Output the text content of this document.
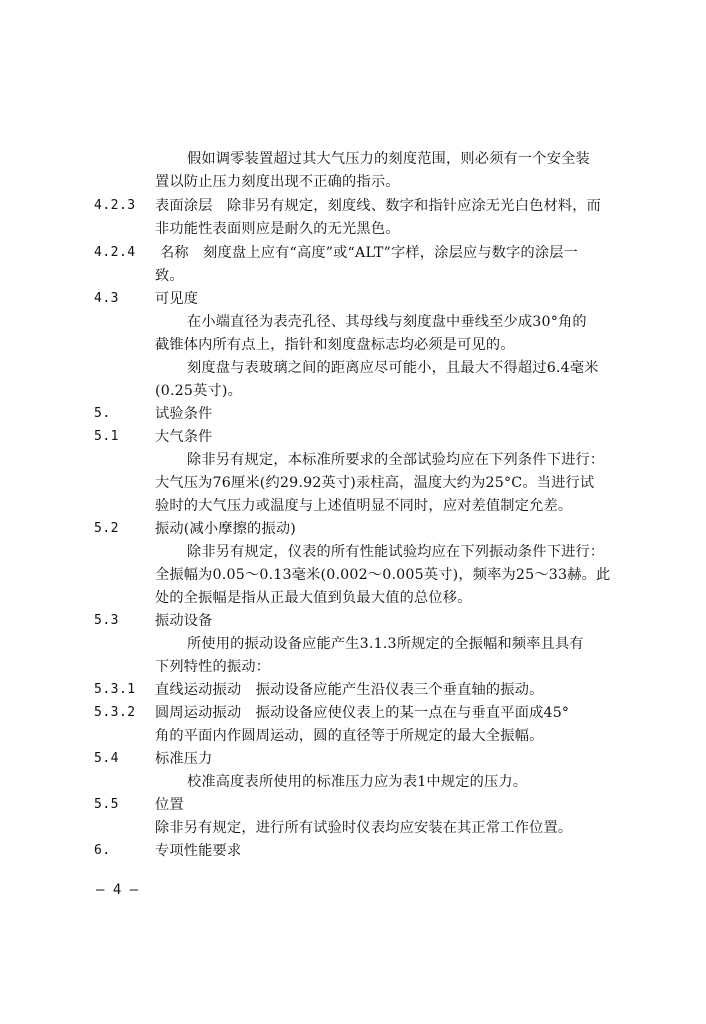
假如调零装置超过其大气压力的刻度范围，则必须有一个安全装
置以防止压力刻度出现不正确的指示。
4.2.3 表面涂层　除非另有规定，刻度线、数字和指针应涂无光白色材料，而
非功能性表面则应是耐久的无光黑色。
4.2.4 名称　刻度盘上应有“高度”或“ALT”字样，涂层应与数字的涂层一
致。
4.3	可见度
在小端直径为表壳孔径、其母线与刻度盘中垂线至少成30°角的
截锥体内所有点上，指针和刻度盘标志均必须是可见的。
刻度盘与表玻璃之间的距离应尽可能小，且最大不得超过6.4毫米
(0.25英寸)。
5.	试验条件
5.1	大气条件
除非另有规定，本标准所要求的全部试验均应在下列条件下进行：
大气压为76厘米(约29.92英寸)汞柱高，温度大约为25°C。当进行试
验时的大气压力或温度与上述值明显不同时，应对差值制定允差。
5.2	振动(减小摩擦的振动)
除非另有规定，仪表的所有性能试验均应在下列振动条件下进行：
全振幅为0.05～0.13毫米(0.002～0.005英寸)，频率为25～33赫。此
处的全振幅是指从正最大值到负最大值的总位移。
5.3	振动设备
所使用的振动设备应能产生3.1.3所规定的全振幅和频率且具有
下列特性的振动：
5.3.1 直线运动振动　振动设备应能产生沿仪表三个垂直轴的振动。
5.3.2 圆周运动振动　振动设备应使仪表上的某一点在与垂直平面成45°
角的平面内作圆周运动，圆的直径等于所规定的最大全振幅。
5.4	标准压力
校准高度表所使用的标准压力应为表1中规定的压力。
5.5	位置
除非另有规定，进行所有试验时仪表均应安装在其正常工作位置。
6.	专项性能要求
— 4 —
